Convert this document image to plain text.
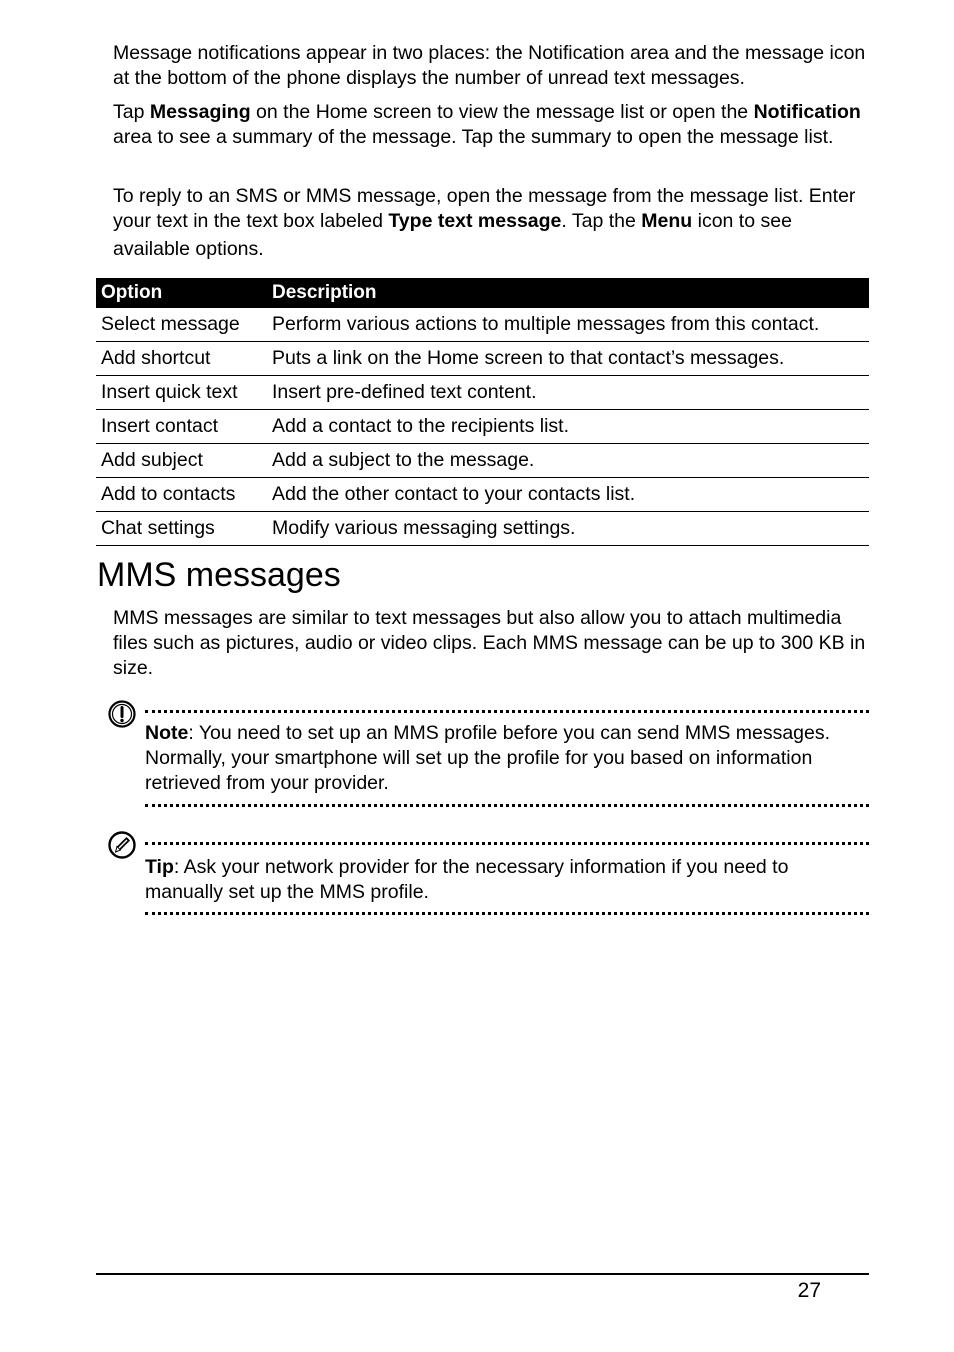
Message notifications appear in two places: the Notification area and the message icon at the bottom of the phone displays the number of unread text messages.

Tap Messaging on the Home screen to view the message list or open the Notification area to see a summary of the message. Tap the summary to open the message list.

To reply to an SMS or MMS message, open the message from the message list. Enter your text in the text box labeled Type text message. Tap the Menu icon to see
available options.

Option	Description
Select message	Perform various actions to multiple messages from this contact.
Add shortcut	Puts a link on the Home screen to that contact’s messages.
Insert quick text	Insert pre-defined text content.
Insert contact	Add a contact to the recipients list.
Add subject	Add a subject to the message.
Add to contacts	Add the other contact to your contacts list.
Chat settings	Modify various messaging settings.
MMS messages

MMS messages are similar to text messages but also allow you to attach multimedia files such as pictures, audio or video clips. Each MMS message can be up to 300 KB in size.

Note: You need to set up an MMS profile before you can send MMS messages. Normally, your smartphone will set up the profile for you based on information retrieved from your provider.

Tip: Ask your network provider for the necessary information if you need to manually set up the MMS profile.

27
